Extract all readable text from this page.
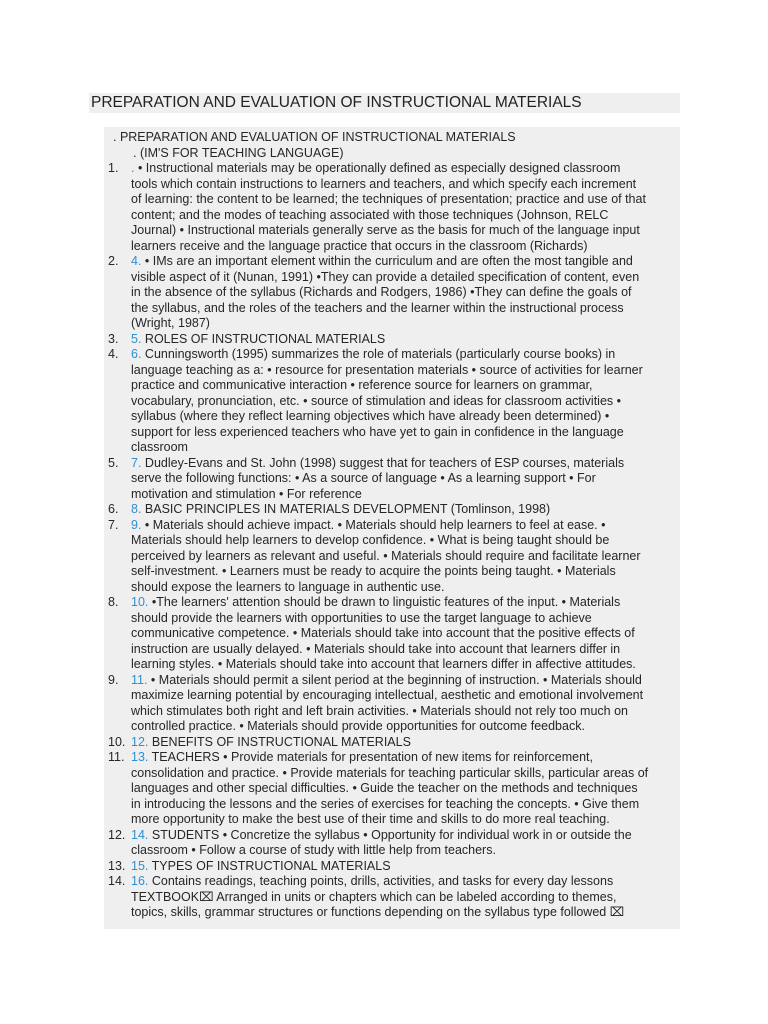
PREPARATION AND EVALUATION OF INSTRUCTIONAL MATERIALS
. PREPARATION AND EVALUATION OF INSTRUCTIONAL MATERIALS
. (IM'S FOR TEACHING LANGUAGE)
1. . • Instructional materials may be operationally defined as especially designed classroom
tools which contain instructions to learners and teachers, and which specify each increment
of learning: the content to be learned; the techniques of presentation; practice and use of that
content; and the modes of teaching associated with those techniques (Johnson, RELC
Journal) • Instructional materials generally serve as the basis for much of the language input
learners receive and the language practice that occurs in the classroom (Richards)
2. 4. • IMs are an important element within the curriculum and are often the most tangible and
visible aspect of it (Nunan, 1991) •They can provide a detailed specification of content, even
in the absence of the syllabus (Richards and Rodgers, 1986) •They can define the goals of
the syllabus, and the roles of the teachers and the learner within the instructional process
(Wright, 1987)
3. 5. ROLES OF INSTRUCTIONAL MATERIALS
4. 6. Cunningsworth (1995) summarizes the role of materials (particularly course books) in
language teaching as a: • resource for presentation materials • source of activities for learner
practice and communicative interaction • reference source for learners on grammar,
vocabulary, pronunciation, etc. • source of stimulation and ideas for classroom activities •
syllabus (where they reflect learning objectives which have already been determined) •
support for less experienced teachers who have yet to gain in confidence in the language
classroom
5. 7. Dudley-Evans and St. John (1998) suggest that for teachers of ESP courses, materials
serve the following functions: • As a source of language • As a learning support • For
motivation and stimulation • For reference
6. 8. BASIC PRINCIPLES IN MATERIALS DEVELOPMENT (Tomlinson, 1998)
7. 9. • Materials should achieve impact. • Materials should help learners to feel at ease. •
Materials should help learners to develop confidence. • What is being taught should be
perceived by learners as relevant and useful. • Materials should require and facilitate learner
self-investment. • Learners must be ready to acquire the points being taught. • Materials
should expose the learners to language in authentic use.
8. 10. •The learners' attention should be drawn to linguistic features of the input. • Materials
should provide the learners with opportunities to use the target language to achieve
communicative competence. • Materials should take into account that the positive effects of
instruction are usually delayed. • Materials should take into account that learners differ in
learning styles. • Materials should take into account that learners differ in affective attitudes.
9. 11. • Materials should permit a silent period at the beginning of instruction. • Materials should
maximize learning potential by encouraging intellectual, aesthetic and emotional involvement
which stimulates both right and left brain activities. • Materials should not rely too much on
controlled practice. • Materials should provide opportunities for outcome feedback.
10. 12. BENEFITS OF INSTRUCTIONAL MATERIALS
11. 13. TEACHERS • Provide materials for presentation of new items for reinforcement,
consolidation and practice. • Provide materials for teaching particular skills, particular areas of
languages and other special difficulties. • Guide the teacher on the methods and techniques
in introducing the lessons and the series of exercises for teaching the concepts. • Give them
more opportunity to make the best use of their time and skills to do more real teaching.
12. 14. STUDENTS • Concretize the syllabus • Opportunity for individual work in or outside the
classroom • Follow a course of study with little help from teachers.
13. 15. TYPES OF INSTRUCTIONAL MATERIALS
14. 16. Contains readings, teaching points, drills, activities, and tasks for every day lessons
TEXTBOOK⌧ Arranged in units or chapters which can be labeled according to themes,
topics, skills, grammar structures or functions depending on the syllabus type followed ⌧
